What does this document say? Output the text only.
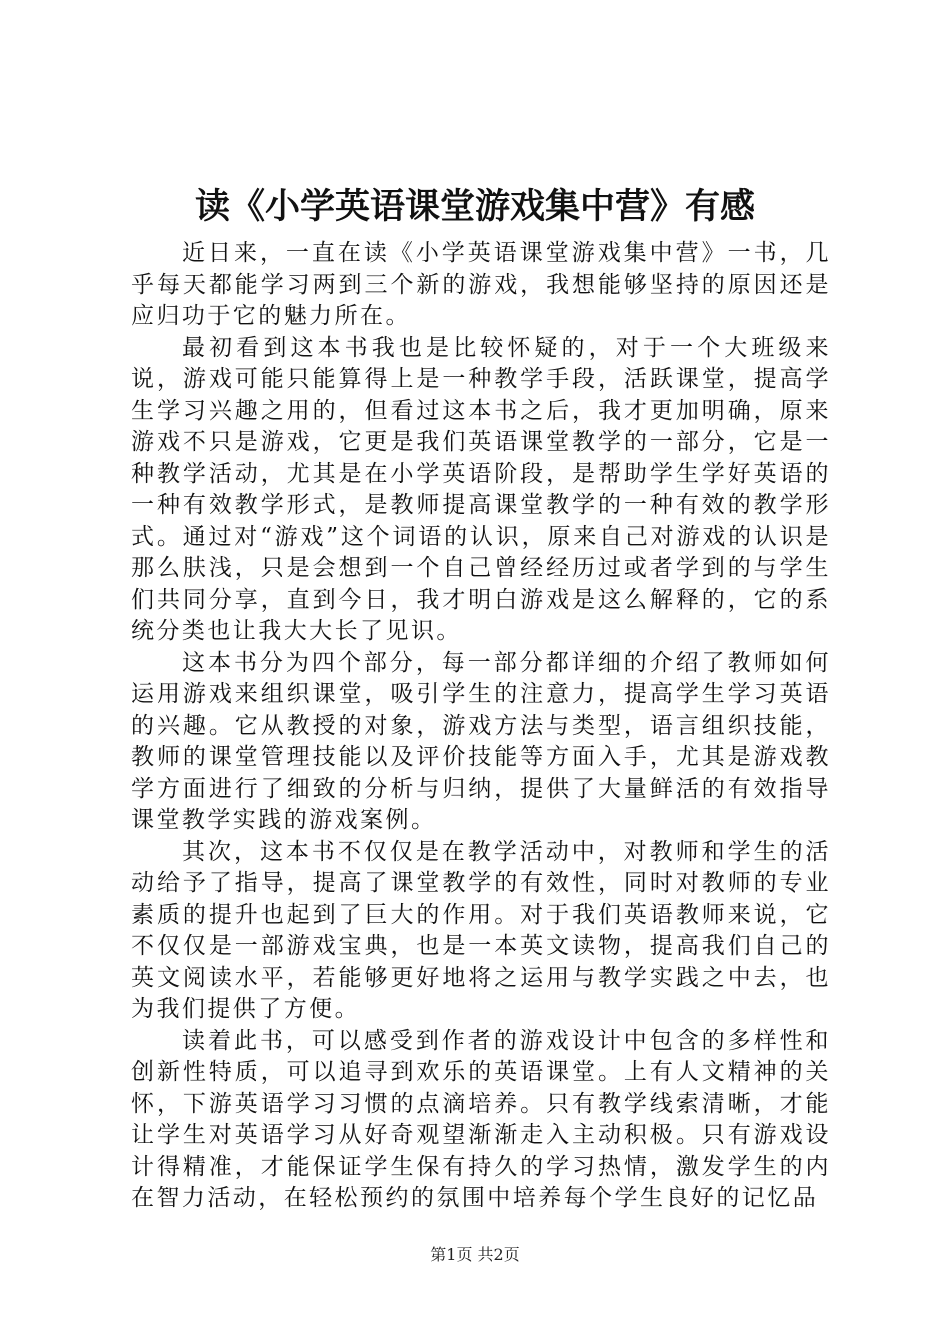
读《小学英语课堂游戏集中营》有感

近日来，一直在读《小学英语课堂游戏集中营》一书，几乎每天都能学习两到三个新的游戏，我想能够坚持的原因还是应归功于它的魅力所在。

最初看到这本书我也是比较怀疑的，对于一个大班级来说，游戏可能只能算得上是一种教学手段，活跃课堂，提高学生学习兴趣之用的，但看过这本书之后，我才更加明确，原来游戏不只是游戏，它更是我们英语课堂教学的一部分，它是一种教学活动，尤其是在小学英语阶段，是帮助学生学好英语的一种有效教学形式，是教师提高课堂教学的一种有效的教学形式。通过对“游戏”这个词语的认识，原来自己对游戏的认识是那么肤浅，只是会想到一个自己曾经经历过或者学到的与学生们共同分享，直到今日，我才明白游戏是这么解释的，它的系统分类也让我大大长了见识。

这本书分为四个部分，每一部分都详细的介绍了教师如何运用游戏来组织课堂，吸引学生的注意力，提高学生学习英语的兴趣。它从教授的对象，游戏方法与类型，语言组织技能，教师的课堂管理技能以及评价技能等方面入手，尤其是游戏教学方面进行了细致的分析与归纳，提供了大量鲜活的有效指导课堂教学实践的游戏案例。

其次，这本书不仅仅是在教学活动中，对教师和学生的活动给予了指导，提高了课堂教学的有效性，同时对教师的专业素质的提升也起到了巨大的作用。对于我们英语教师来说，它不仅仅是一部游戏宝典，也是一本英文读物，提高我们自己的英文阅读水平，若能够更好地将之运用与教学实践之中去，也为我们提供了方便。

读着此书，可以感受到作者的游戏设计中包含的多样性和创新性特质，可以追寻到欢乐的英语课堂。上有人文精神的关怀，下游英语学习习惯的点滴培养。只有教学线索清晰，才能让学生对英语学习从好奇观望渐渐走入主动积极。只有游戏设计得精准，才能保证学生保有持久的学习热情，激发学生的内在智力活动，在轻松预约的氛围中培养每个学生良好的记忆品

第1页 共2页
